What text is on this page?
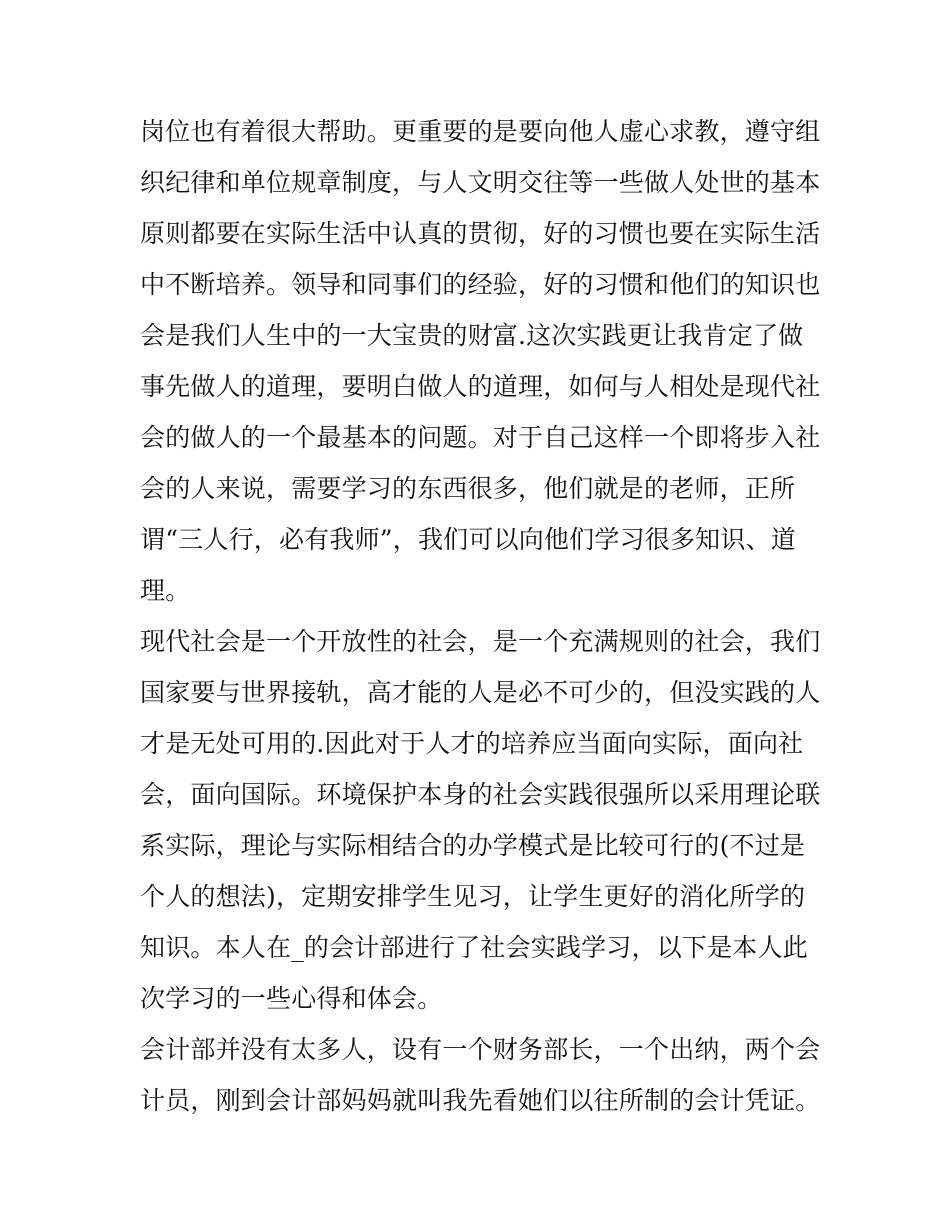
岗位也有着很大帮助。更重要的是要向他人虚心求教，遵守组
织纪律和单位规章制度，与人文明交往等一些做人处世的基本
原则都要在实际生活中认真的贯彻，好的习惯也要在实际生活
中不断培养。领导和同事们的经验，好的习惯和他们的知识也
会是我们人生中的一大宝贵的财富.这次实践更让我肯定了做
事先做人的道理，要明白做人的道理，如何与人相处是现代社
会的做人的一个最基本的问题。对于自己这样一个即将步入社
会的人来说，需要学习的东西很多，他们就是的老师，正所
谓“三人行，必有我师”，我们可以向他们学习很多知识、道
理。
现代社会是一个开放性的社会，是一个充满规则的社会，我们
国家要与世界接轨，高才能的人是必不可少的，但没实践的人
才是无处可用的.因此对于人才的培养应当面向实际，面向社
会，面向国际。环境保护本身的社会实践很强所以采用理论联
系实际，理论与实际相结合的办学模式是比较可行的(不过是
个人的想法)，定期安排学生见习，让学生更好的消化所学的
知识。本人在_的会计部进行了社会实践学习，以下是本人此
次学习的一些心得和体会。
会计部并没有太多人，设有一个财务部长，一个出纳，两个会
计员，刚到会计部妈妈就叫我先看她们以往所制的会计凭证。
